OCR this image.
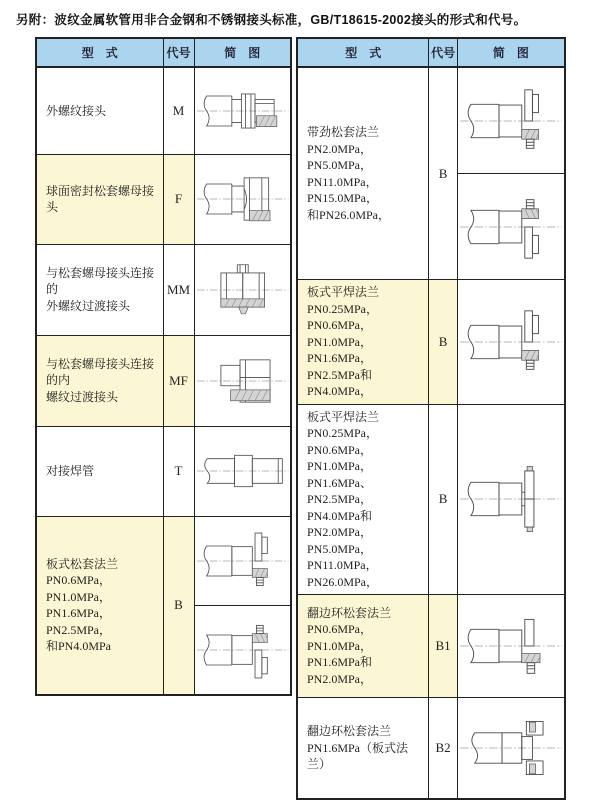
另附：波纹金属软管用非合金钢和不锈钢接头标准，GB/T18615-2002接头的形式和代号。
型　式	代号	简　图

外螺纹接头	M	

球面密封松套螺母接头	F	

与松套螺母接头连接的
外螺纹过渡接头	MM	

与松套螺母接头连接的内
螺纹过渡接头	MF	

对接焊管	T	

板式松套法兰
PN0.6MPa，PN1.0MPa，
PN1.6MPa，PN2.5MPa，
和PN4.0MPa	B	
型　式	代号	简　图

带劲松套法兰
PN2.0MPa，PN5.0MPa，
PN11.0MPa，PN15.0MPa，
和PN26.0MPa，	B	

板式平焊法兰
PN0.25MPa，PN0.6MPa，
PN1.0MPa，PN1.6MPa，
PN2.5MPa和PN4.0MPa，	B	

板式平焊法兰
PN0.25MPa，PN0.6MPa，
PN1.0MPa，PN1.6MPa、
PN2.5MPa，PN4.0MPa和
PN2.0MPa，PN5.0MPa，
PN11.0MPa，PN26.0MPa，
	B	

翻边环松套法兰
PN0.6MPa，PN1.0MPa，
PN1.6MPa和PN2.0MPa，	B1	

翻边环松套法兰
PN1.6MPa（板式法兰）	B2	
